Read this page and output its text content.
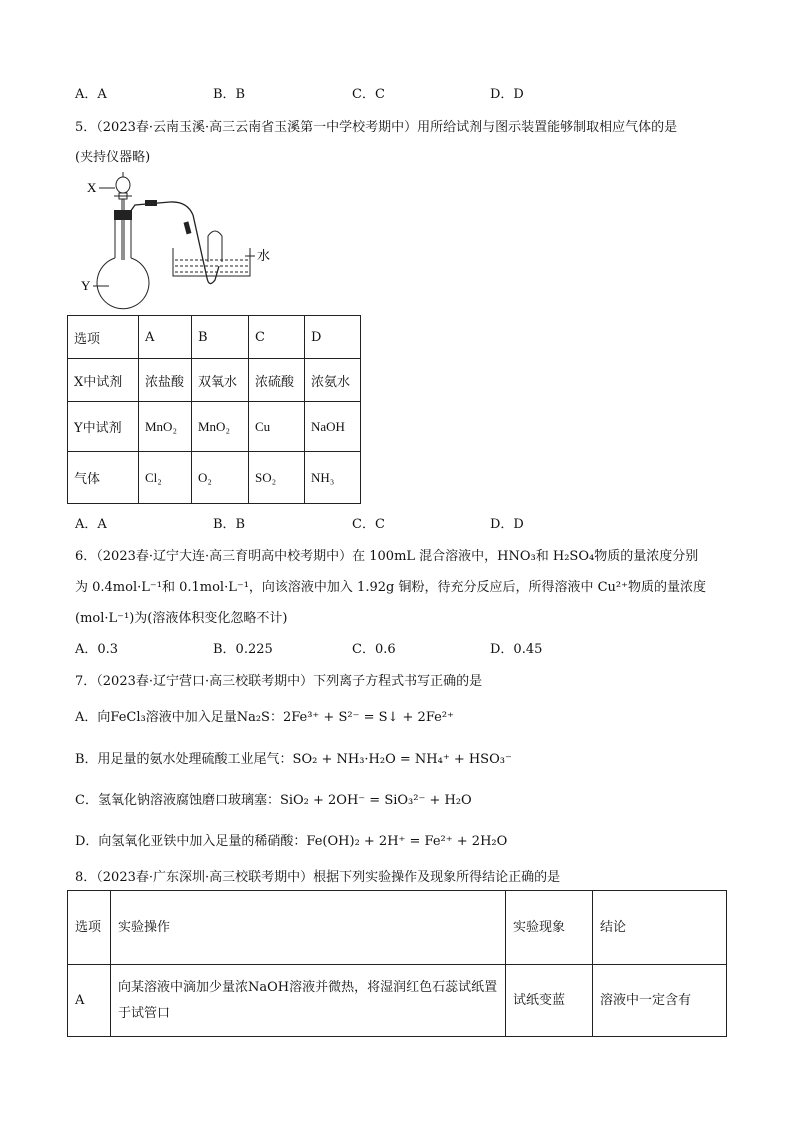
A．A	B．B	C．C	D．D
5．（2023春·云南玉溪·高三云南省玉溪第一中学校考期中）用所给试剂与图示装置能够制取相应气体的是
(夹持仪器略)
X
Y
水
选项	A	B	C	D
X中试剂	浓盐酸	双氧水	浓硫酸	浓氨水
Y中试剂	MnO₂	MnO₂	Cu	NaOH
气体	Cl₂	O₂	SO₂	NH₃
A．A	B．B	C．C	D．D
6．（2023春·辽宁大连·高三育明高中校考期中）在 100mL 混合溶液中，HNO₃和 H₂SO₄物质的量浓度分别
为 0.4mol·L⁻¹和 0.1mol·L⁻¹，向该溶液中加入 1.92g 铜粉，待充分反应后，所得溶液中 Cu²⁺物质的量浓度
(mol·L⁻¹)为(溶液体积变化忽略不计)
A．0.3	B．0.225	C．0.6	D．0.45
7．（2023春·辽宁营口·高三校联考期中）下列离子方程式书写正确的是
A．向FeCl₃溶液中加入足量Na₂S：2Fe³⁺ + S²⁻ = S↓ + 2Fe²⁺
B．用足量的氨水处理硫酸工业尾气：SO₂ + NH₃·H₂O = NH₄⁺ + HSO₃⁻
C．氢氧化钠溶液腐蚀磨口玻璃塞：SiO₂ + 2OH⁻ = SiO₃²⁻ + H₂O
D．向氢氧化亚铁中加入足量的稀硝酸：Fe(OH)₂ + 2H⁺ = Fe²⁺ + 2H₂O
8．（2023春·广东深圳·高三校联考期中）根据下列实验操作及现象所得结论正确的是
选项	实验操作	实验现象	结论
A	向某溶液中滴加少量浓NaOH溶液并微热，将湿润红色石蕊试纸置于试管口	试纸变蓝	溶液中一定含有
